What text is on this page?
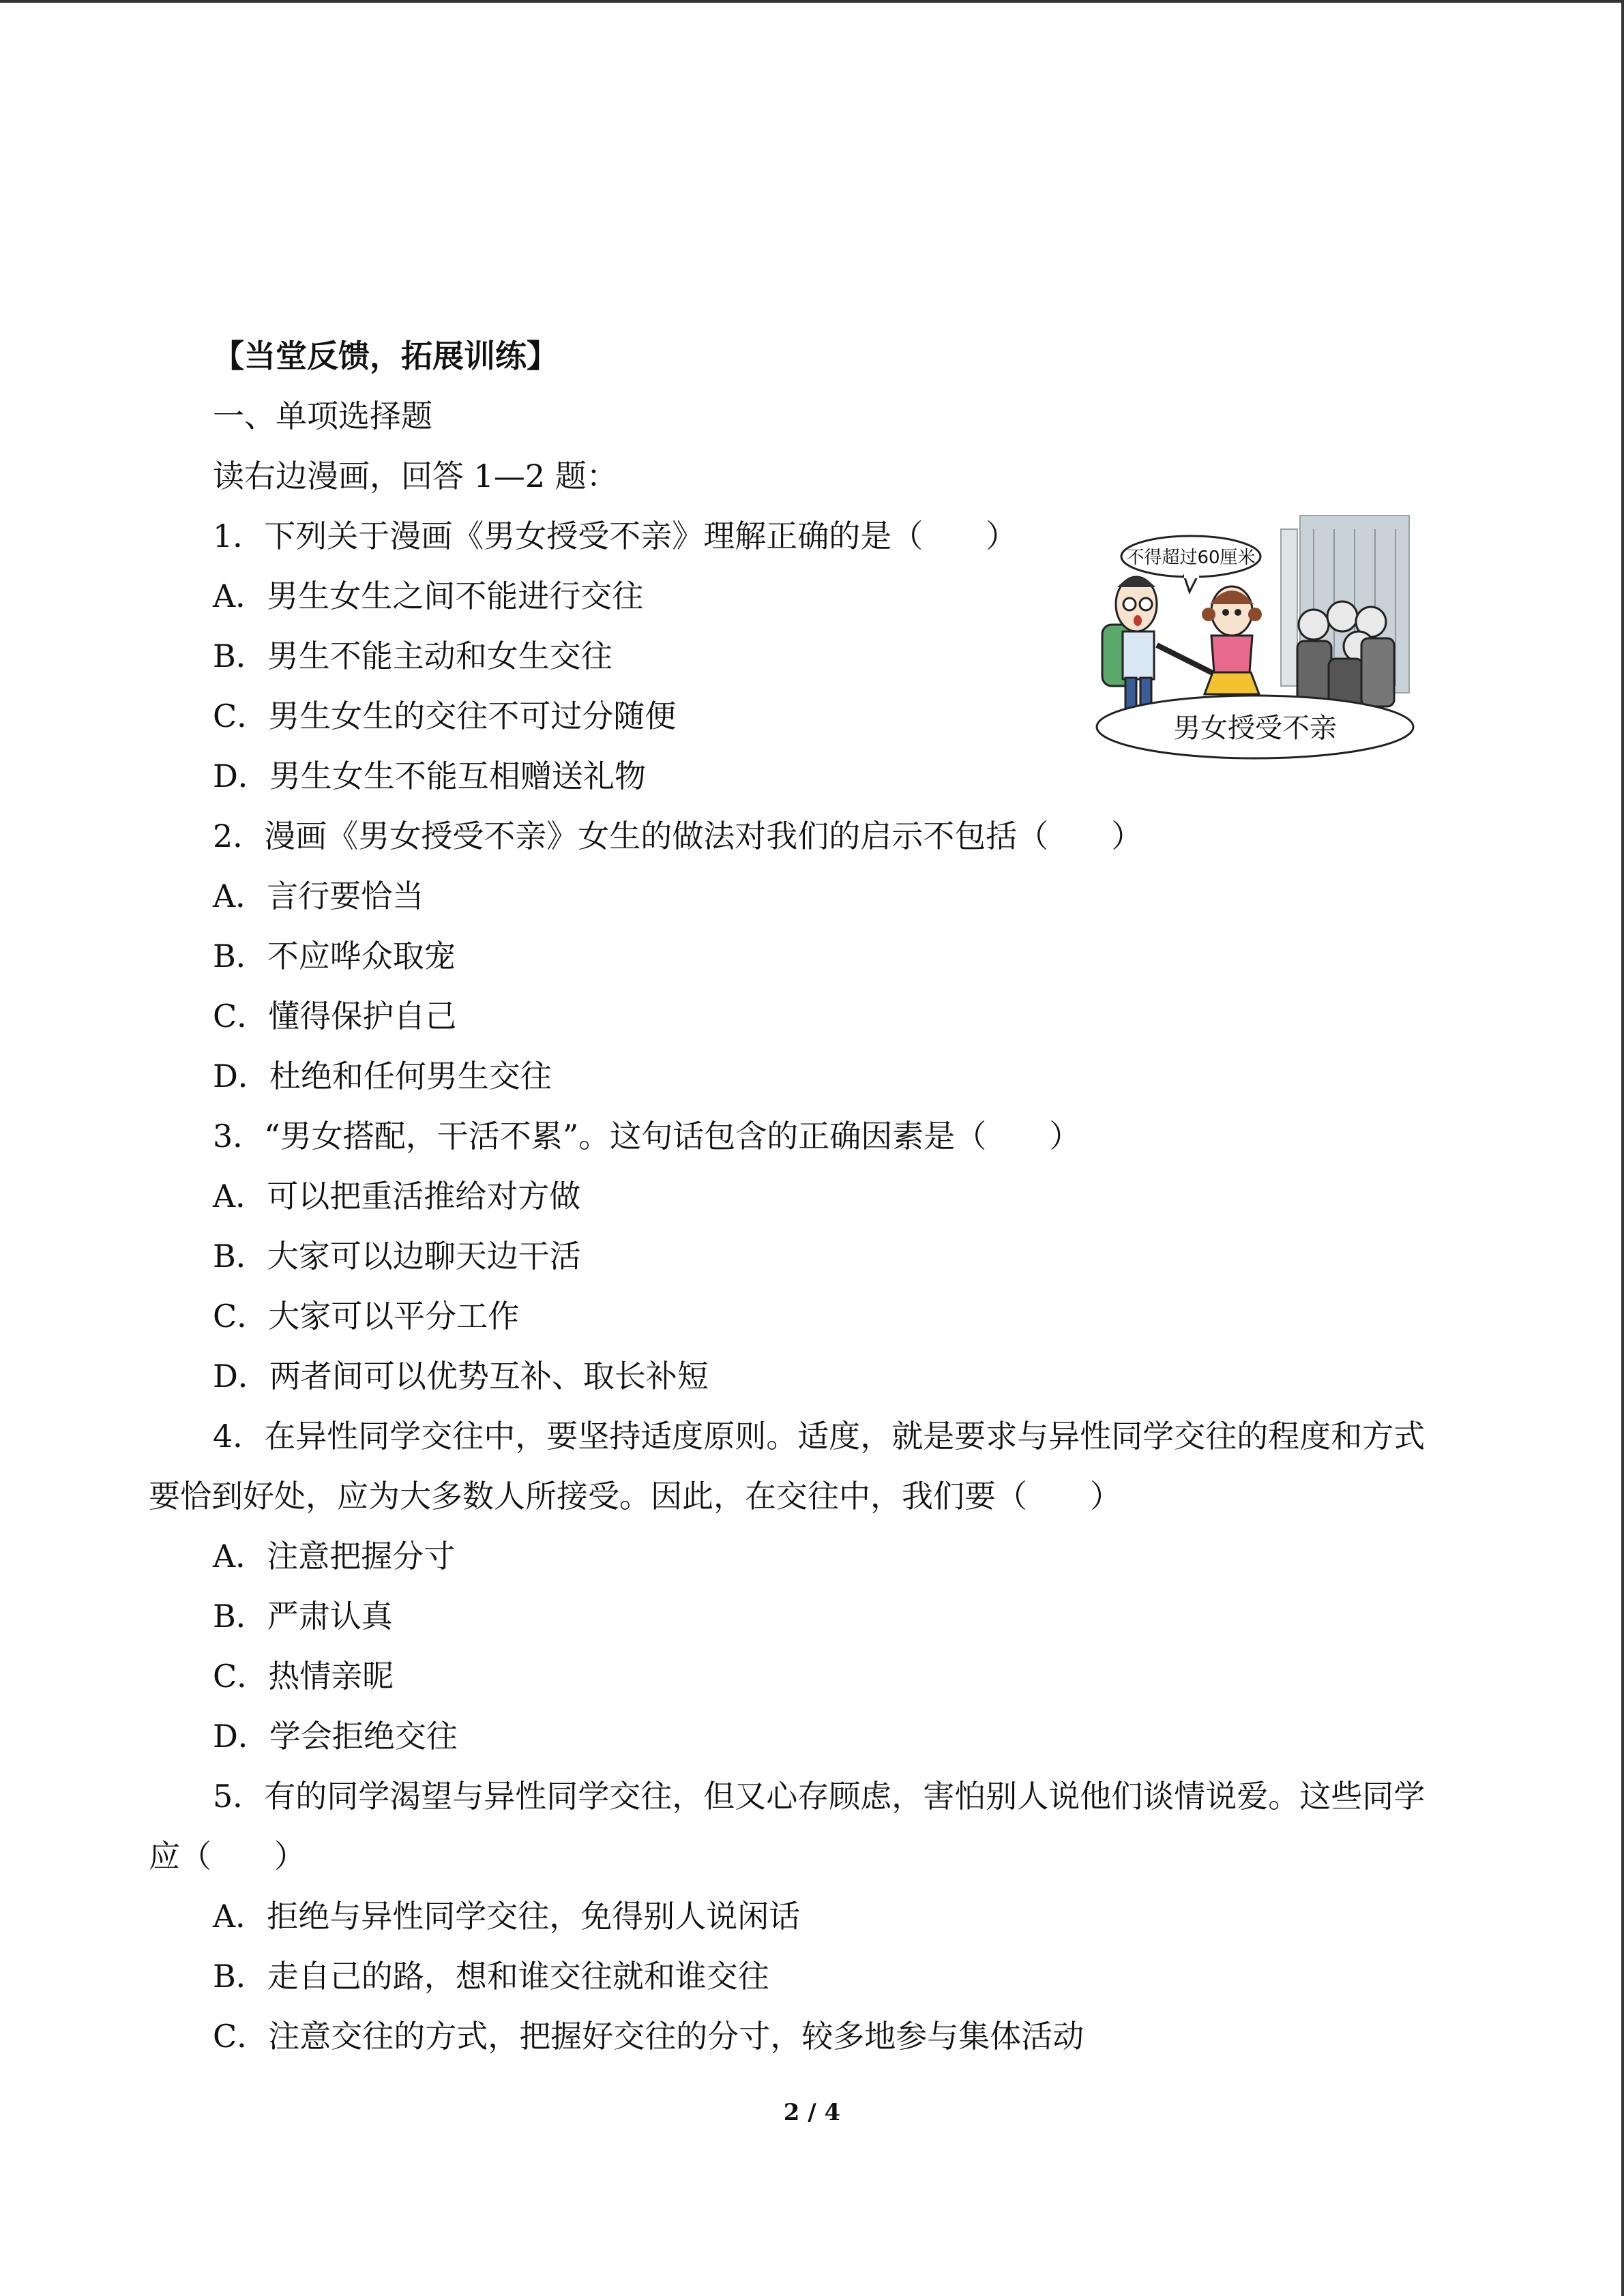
【当堂反馈，拓展训练】
一、单项选择题
读右边漫画，回答 1—2 题：
1．下列关于漫画《男女授受不亲》理解正确的是（　　）
A．男生女生之间不能进行交往
B．男生不能主动和女生交往
C．男生女生的交往不可过分随便
D．男生女生不能互相赠送礼物
2．漫画《男女授受不亲》女生的做法对我们的启示不包括（　　）
A．言行要恰当
B．不应哗众取宠
C．懂得保护自己
D．杜绝和任何男生交往
3．“男女搭配，干活不累”。这句话包含的正确因素是（　　）
A．可以把重活推给对方做
B．大家可以边聊天边干活
C．大家可以平分工作
D．两者间可以优势互补、取长补短
4．在异性同学交往中，要坚持适度原则。适度，就是要求与异性同学交往的程度和方式
要恰到好处，应为大多数人所接受。因此，在交往中，我们要（　　）
A．注意把握分寸
B．严肃认真
C．热情亲昵
D．学会拒绝交往
5．有的同学渴望与异性同学交往，但又心存顾虑，害怕别人说他们谈情说爱。这些同学
应（　　）
A．拒绝与异性同学交往，免得别人说闲话
B．走自己的路，想和谁交往就和谁交往
C．注意交往的方式，把握好交往的分寸，较多地参与集体活动
不得超过60厘米
男女授受不亲
2 / 4
